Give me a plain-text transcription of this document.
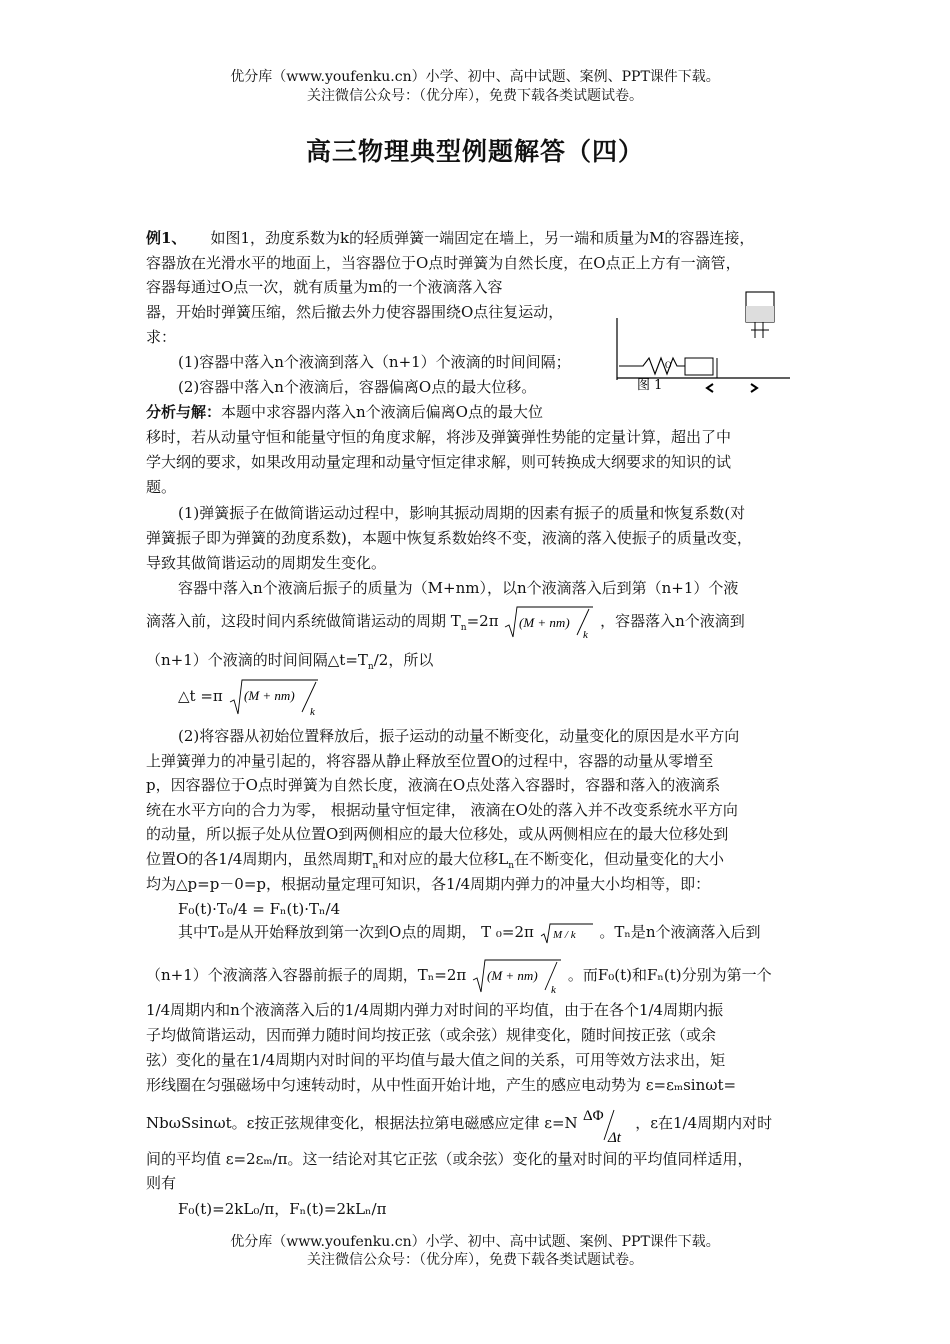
优分库（www.youfenku.cn）小学、初中、高中试题、案例、PPT课件下载。
关注微信公众号：（优分库），免费下载各类试题试卷。
高三物理典型例题解答（四）
例1、 如图1，劲度系数为k的轻质弹簧一端固定在墙上，另一端和质量为M的容器连接，
容器放在光滑水平的地面上，当容器位于O点时弹簧为自然长度，在O点正上方有一滴管，
容器每通过O点一次，就有质量为m的一个液滴落入容
器，开始时弹簧压缩，然后撤去外力使容器围绕O点往复运动，
求：
(1)容器中落入n个液滴到落入（n+1）个液滴的时间间隔；
(2)容器中落入n个液滴后，容器偏离O点的最大位移。
O
图 1
分析与解：本题中求容器内落入n个液滴后偏离O点的最大位
移时，若从动量守恒和能量守恒的角度求解，将涉及弹簧弹性势能的定量计算，超出了中
学大纲的要求，如果改用动量定理和动量守恒定律求解，则可转换成大纲要求的知识的试
题。
(1)弹簧振子在做简谐运动过程中，影响其振动周期的因素有振子的质量和恢复系数(对
弹簧振子即为弹簧的劲度系数)，本题中恢复系数始终不变，液滴的落入使振子的质量改变，
导致其做简谐运动的周期发生变化。
容器中落入n个液滴后振子的质量为（M+nm），以n个液滴落入后到第（n+1）个液
滴落入前，这段时间内系统做简谐运动的周期 $T_n=2\pi$ (M + nm)
k
，容器落入n个液滴到
（n+1）个液滴的时间间隔$\triangle t=T_n/2$，所以
△t =π (M + nm)
k
(2)将容器从初始位置释放后，振子运动的动量不断变化，动量变化的原因是水平方向
上弹簧弹力的冲量引起的，将容器从静止释放至位置O的过程中，容器的动量从零增至
p，因容器位于O点时弹簧为自然长度，液滴在O点处落入容器时，容器和落入的液滴系
统在水平方向的合力为零， 根据动量守恒定律， 液滴在O处的落入并不改变系统水平方向
的动量，所以振子处从位置O到两侧相应的最大位移处，或从两侧相应在的最大位移处到
位置O的各1/4周期内，虽然周期$T_n$和对应的最大位移$L_n$在不断变化，但动量变化的大小
均为△p=p－0=p，根据动量定理可知识，各1/4周期内弹力的冲量大小均相等，即：
F₀(t)·T₀/4 = Fₙ(t)·Tₙ/4
其中T₀是从开始释放到第一次到O点的周期， T ₀=2π M / k 。Tₙ是n个液滴落入后到
（n+1）个液滴落入容器前振子的周期，Tₙ=2π (M + nm)
k
。而F₀(t)和Fₙ(t)分别为第一个
1/4周期内和n个液滴落入后的1/4周期内弹力对时间的平均值，由于在各个1/4周期内振
子均做简谐运动，因而弹力随时间均按正弦（或余弦）规律变化，随时间按正弦（或余
弦）变化的量在1/4周期内对时间的平均值与最大值之间的关系，可用等效方法求出，矩
形线圈在匀强磁场中匀速转动时，从中性面开始计地，产生的感应电动势为 ε=εₘsinωt=
NbωSsinωt。ε按正弦规律变化，根据法拉第电磁感应定律 ε=N ΔΦ
Δt
，ε在1/4周期内对时
间的平均值 ε=2εₘ/π。这一结论对其它正弦（或余弦）变化的量对时间的平均值同样适用，
则有
F₀(t)=2kL₀/π，Fₙ(t)=2kLₙ/π
优分库（www.youfenku.cn）小学、初中、高中试题、案例、PPT课件下载。
关注微信公众号：（优分库），免费下载各类试题试卷。
